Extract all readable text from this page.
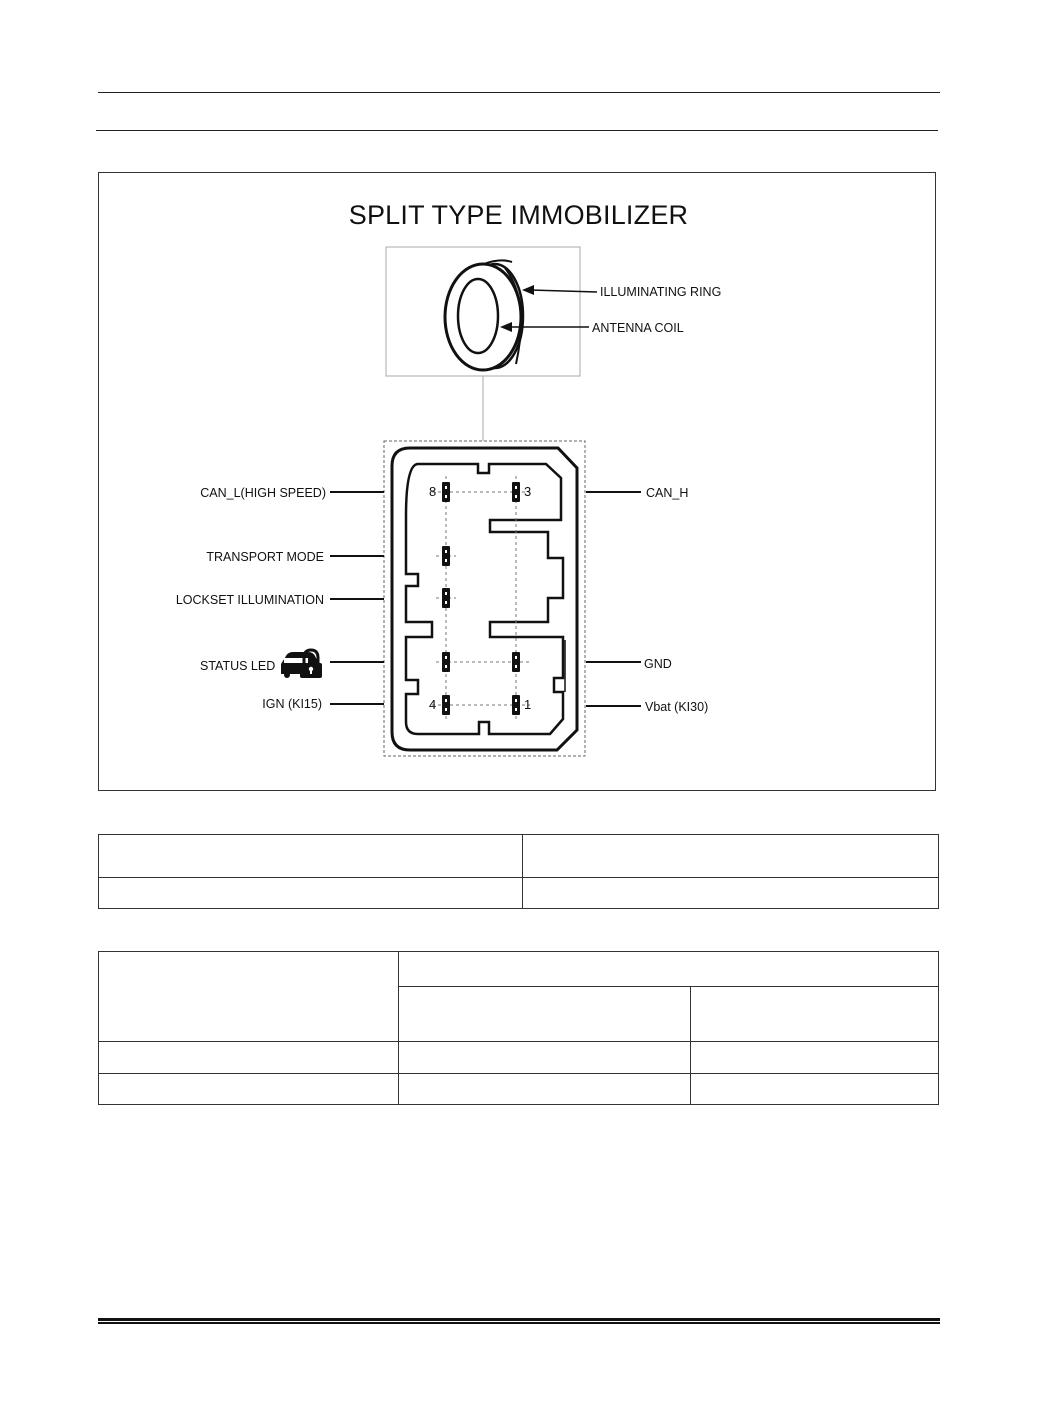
SPLIT TYPE IMMOBILIZER
ILLUMINATING RING
ANTENNA COIL
CAN_L(HIGH SPEED)
TRANSPORT MODE
LOCKSET ILLUMINATION
STATUS LED
IGN (KI15)
CAN_H
GND
Vbat (KI30)
8	3
4	1
